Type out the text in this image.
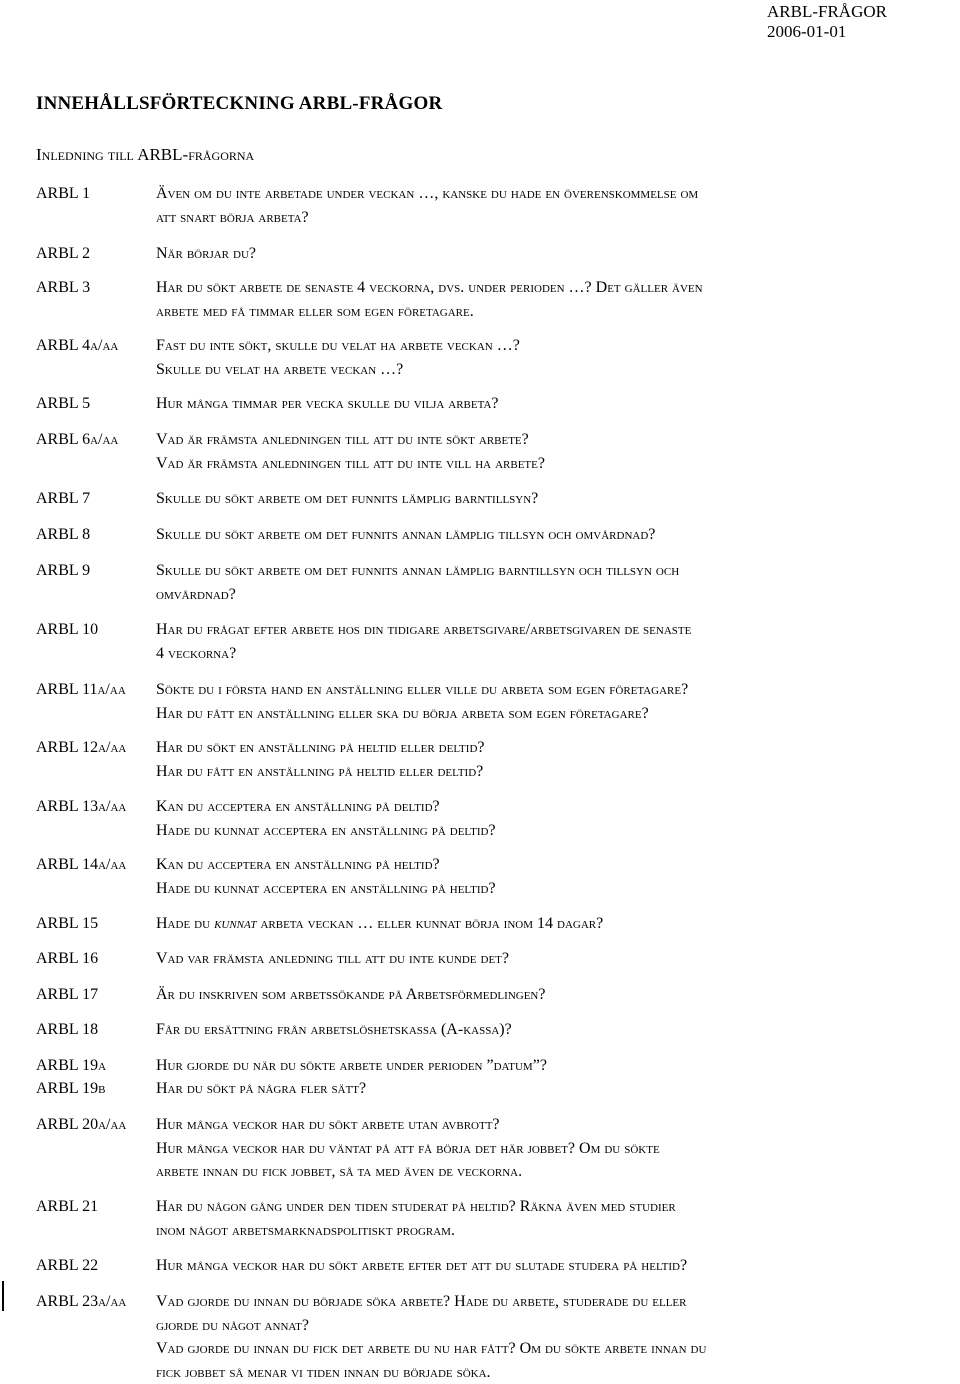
ARBL-FRÅGOR
2006-01-01
INNEHÅLLSFÖRTECKNING ARBL-FRÅGOR
Inledning till ARBL-frågorna
ARBL 1	Även om du inte arbetade under veckan …, kanske du hade en överenskommelse om
att snart börja arbeta?
ARBL 2	När börjar du?
ARBL 3	Har du sökt arbete de senaste 4 veckorna, dvs. under perioden …? Det gäller även
arbete med få timmar eller som egen företagare.
ARBL 4a/aa Fast du inte sökt, skulle du velat ha arbete veckan …?
Skulle du velat ha arbete veckan …?
ARBL 5	Hur många timmar per vecka skulle du vilja arbeta?
ARBL 6a/aa Vad är främsta anledningen till att du inte sökt arbete?
Vad är främsta anledningen till att du inte vill ha arbete?
ARBL 7	Skulle du sökt arbete om det funnits lämplig barntillsyn?
ARBL 8	Skulle du sökt arbete om det funnits annan lämplig tillsyn och omvårdnad?
ARBL 9	Skulle du sökt arbete om det funnits annan lämplig barntillsyn och tillsyn och
omvårdnad?
ARBL 10	Har du frågat efter arbete hos din tidigare arbetsgivare/arbetsgivaren de senaste
4 veckorna?
ARBL 11a/aa Sökte du i första hand en anställning eller ville du arbeta som egen företagare?
Har du fått en anställning eller ska du börja arbeta som egen företagare?
ARBL 12a/aa Har du sökt en anställning på heltid eller deltid?
Har du fått en anställning på heltid eller deltid?
ARBL 13a/aa Kan du acceptera en anställning på deltid?
Hade du kunnat acceptera en anställning på deltid?
ARBL 14a/aa Kan du acceptera en anställning på heltid?
Hade du kunnat acceptera en anställning på heltid?
ARBL 15	Hade du kunnat arbeta veckan … eller kunnat börja inom 14 dagar?
ARBL 16	Vad var främsta anledning till att du inte kunde det?
ARBL 17	Är du inskriven som arbetssökande på Arbetsförmedlingen?
ARBL 18	Får du ersättning från arbetslöshetskassa (A-kassa)?
ARBL 19a	Hur gjorde du när du sökte arbete under perioden ”datum”?
ARBL 19b	Har du sökt på några fler sätt?
ARBL 20a/aa Hur många veckor har du sökt arbete utan avbrott?
Hur många veckor har du väntat på att få börja det här jobbet? Om du sökte
arbete innan du fick jobbet, så ta med även de veckorna.
ARBL 21	Har du någon gång under den tiden studerat på heltid? Räkna även med studier
inom något arbetsmarknadspolitiskt program.
ARBL 22	Hur många veckor har du sökt arbete efter det att du slutade studera på heltid?
ARBL 23a/aa Vad gjorde du innan du började söka arbete? Hade du arbete, studerade du eller
gjorde du något annat?
Vad gjorde du innan du fick det arbete du nu har fått? Om du sökte arbete innan du
fick jobbet så menar vi tiden innan du började söka.
